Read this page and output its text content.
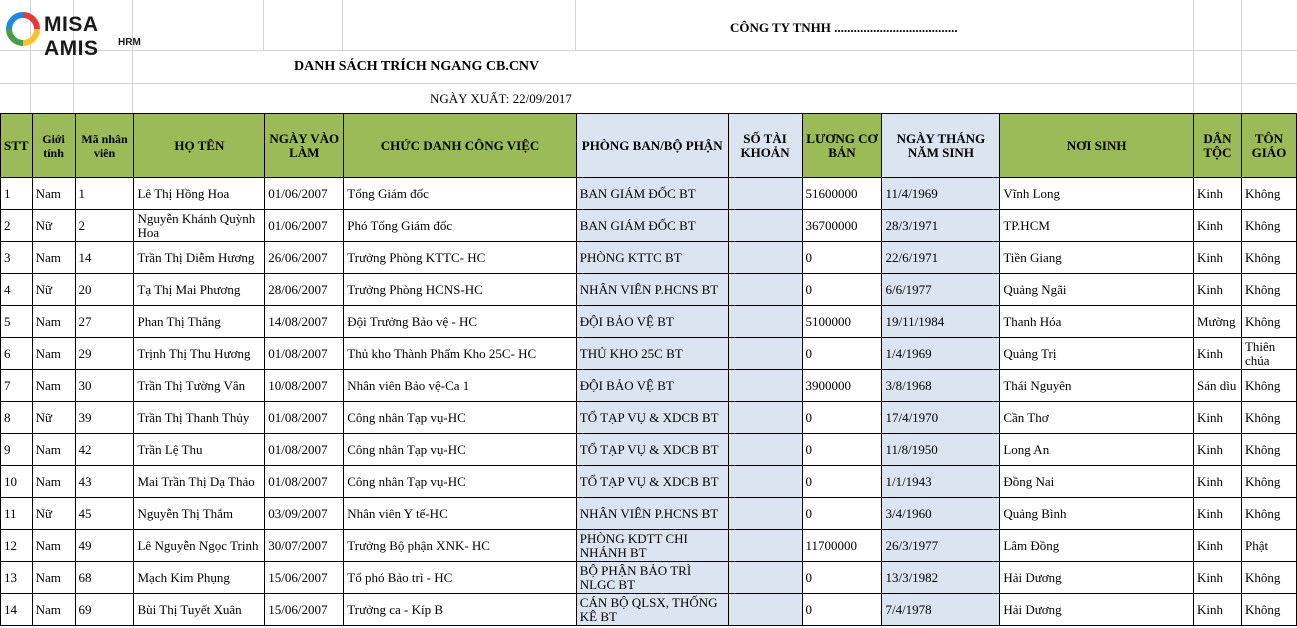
MISA AMIS	HRM
CÔNG TY TNHH ......................................
DANH SÁCH TRÍCH NGANG CB.CNV
NGÀY XUẤT: 22/09/2017
STT	Giới tính	Mã nhân viên	HỌ TÊN	NGÀY VÀO LÀM	CHỨC DANH CÔNG VIỆC	PHÒNG BAN/BỘ PHẬN	SỐ TÀI KHOẢN	LƯƠNG CƠ BẢN	NGÀY THÁNG NĂM SINH	NƠI SINH	DÂN TỘC	TÔN GIÁO
1	Nam	1	Lê Thị Hồng Hoa	01/06/2007	Tổng Giám đốc	BAN GIÁM ĐỐC BT		51600000	11/4/1969	Vĩnh Long	Kinh	Không
2	Nữ	2	Nguyễn Khánh Quỳnh Hoa	01/06/2007	Phó Tổng Giám đốc	BAN GIÁM ĐỐC BT		36700000	28/3/1971	TP.HCM	Kinh	Không
3	Nam	14	Trần Thị Diễm Hương	26/06/2007	Trưởng Phòng KTTC- HC	PHÒNG KTTC BT		0	22/6/1971	Tiền Giang	Kinh	Không
4	Nữ	20	Tạ Thị Mai Phương	28/06/2007	Trưởng Phòng HCNS-HC	NHÂN VIÊN P.HCNS BT		0	6/6/1977	Quảng Ngãi	Kinh	Không
5	Nam	27	Phan Thị Thắng	14/08/2007	Đội Trưởng Bảo vệ - HC	ĐỘI BẢO VỆ BT		5100000	19/11/1984	Thanh Hóa	Mường	Không
6	Nam	29	Trịnh Thị Thu Hương	01/08/2007	Thủ kho Thành Phẩm Kho 25C- HC	THỦ KHO 25C BT		0	1/4/1969	Quảng Trị	Kinh	Thiên chúa
7	Nam	30	Trần Thị Tường Vân	10/08/2007	Nhân viên Bảo vệ-Ca 1	ĐỘI BẢO VỆ BT		3900000	3/8/1968	Thái Nguyên	Sán dìu	Không
8	Nữ	39	Trần Thị Thanh Thủy	01/08/2007	Công nhân Tạp vụ-HC	TỔ TẠP VỤ & XDCB BT		0	17/4/1970	Cần Thơ	Kinh	Không
9	Nam	42	Trần Lệ Thu	01/08/2007	Công nhân Tạp vụ-HC	TỔ TẠP VỤ & XDCB BT		0	11/8/1950	Long An	Kinh	Không
10	Nam	43	Mai Trần Thị Dạ Thảo	01/08/2007	Công nhân Tạp vụ-HC	TỔ TẠP VỤ & XDCB BT		0	1/1/1943	Đồng Nai	Kinh	Không
11	Nữ	45	Nguyễn Thị Thắm	03/09/2007	Nhân viên Y tế-HC	NHÂN VIÊN P.HCNS BT		0	3/4/1960	Quảng Bình	Kinh	Không
12	Nam	49	Lê Nguyễn Ngọc Trinh	30/07/2007	Trưởng Bộ phận XNK- HC	PHÒNG KDTT CHI NHÁNH BT		11700000	26/3/1977	Lâm Đồng	Kinh	Phật
13	Nam	68	Mạch Kim Phụng	15/06/2007	Tổ phó Bảo trì - HC	BỘ PHẬN BẢO TRÌ NLGC BT		0	13/3/1982	Hải Dương	Kinh	Không
14	Nam	69	Bùi Thị Tuyết Xuân	15/06/2007	Trưởng ca - Kíp B	CÁN BỘ QLSX, THỐNG KÊ BT		0	7/4/1978	Hải Dương	Kinh	Không
